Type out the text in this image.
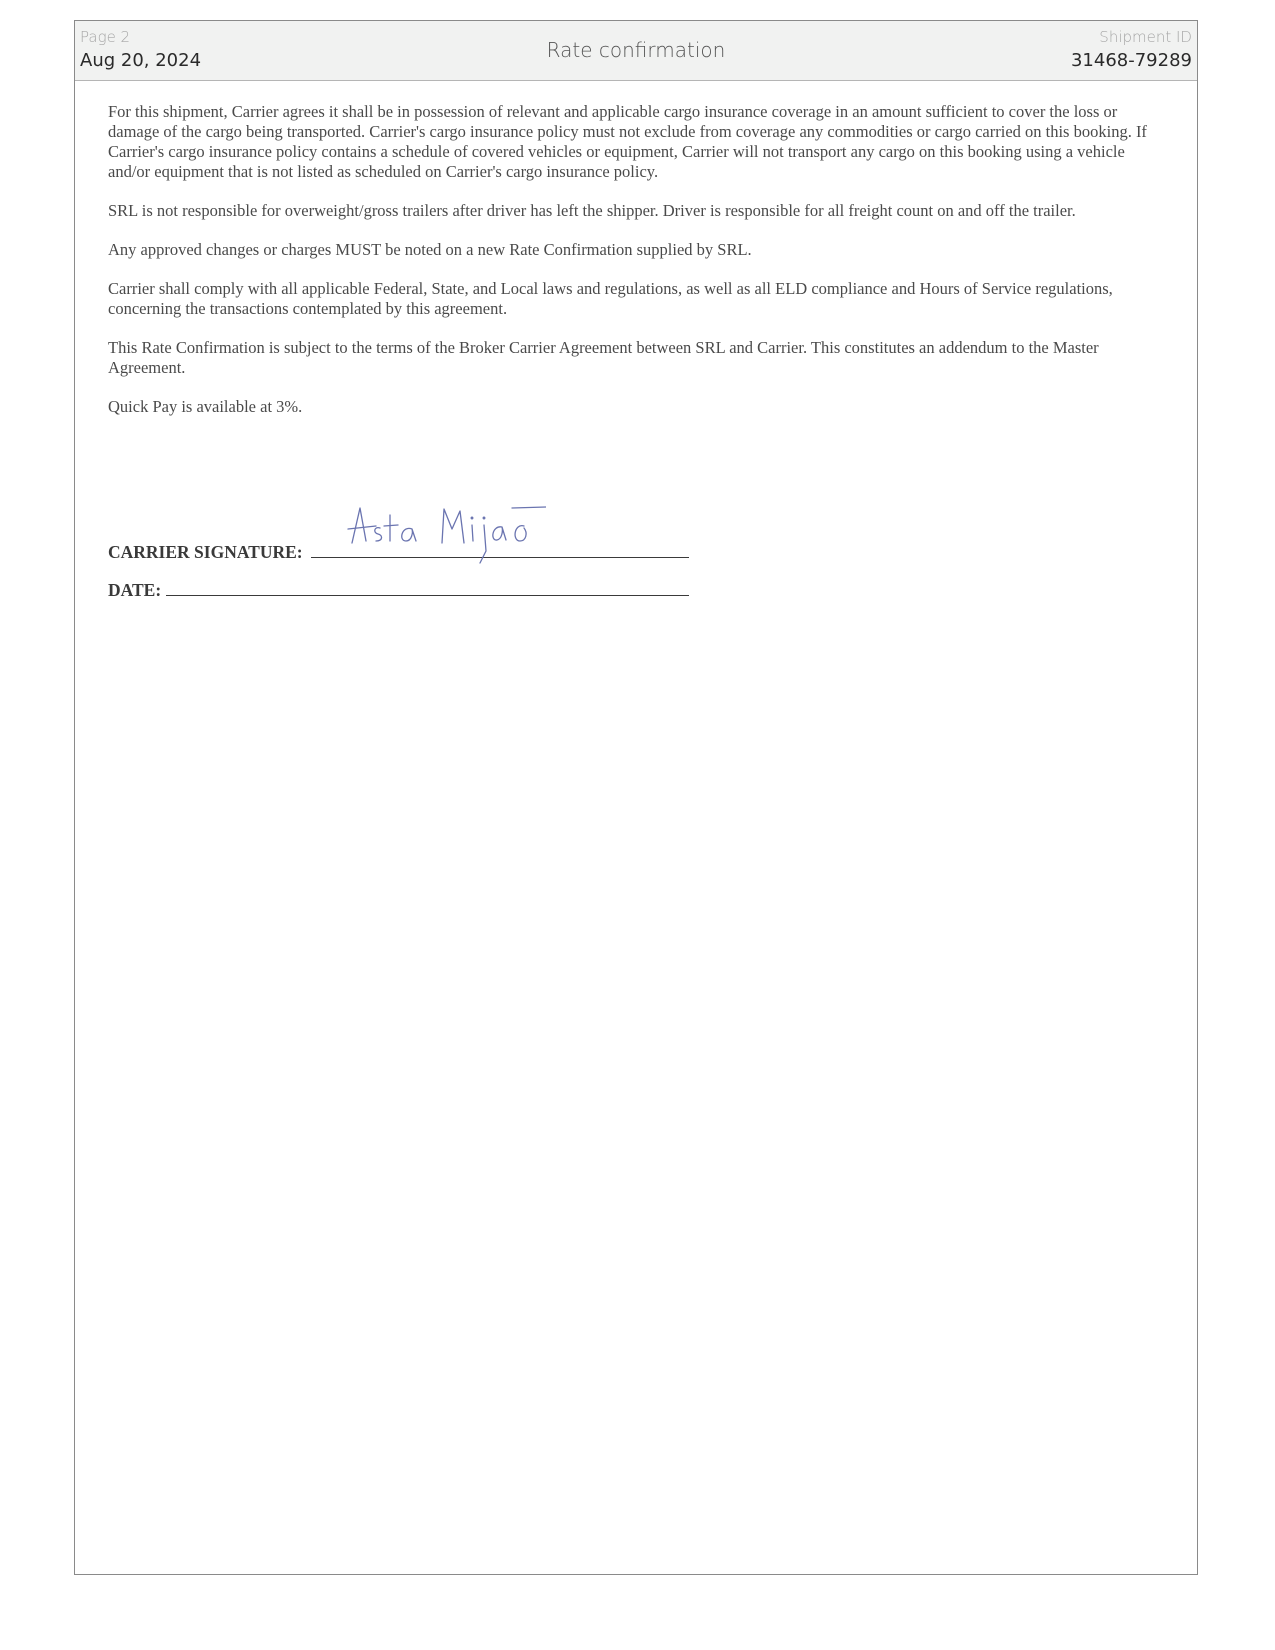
Page 2
Aug 20, 2024	Rate confirmation
Shipment ID
31468-79289

For this shipment, Carrier agrees it shall be in possession of relevant and applicable cargo insurance coverage in an amount sufficient to cover the loss or damage of the cargo being transported. Carrier's cargo insurance policy must not exclude from coverage any commodities or cargo carried on this booking. If Carrier's cargo insurance policy contains a schedule of covered vehicles or equipment, Carrier will not transport any cargo on this booking using a vehicle and/or equipment that is not listed as scheduled on Carrier's cargo insurance policy.

SRL is not responsible for overweight/gross trailers after driver has left the shipper. Driver is responsible for all freight count on and off the trailer.

Any approved changes or charges MUST be noted on a new Rate Confirmation supplied by SRL.

Carrier shall comply with all applicable Federal, State, and Local laws and regulations, as well as all ELD compliance and Hours of Service regulations, concerning the transactions contemplated by this agreement.

This Rate Confirmation is subject to the terms of the Broker Carrier Agreement between SRL and Carrier. This constitutes an addendum to the Master Agreement.

Quick Pay is available at 3%.

CARRIER SIGNATURE:
DATE:
